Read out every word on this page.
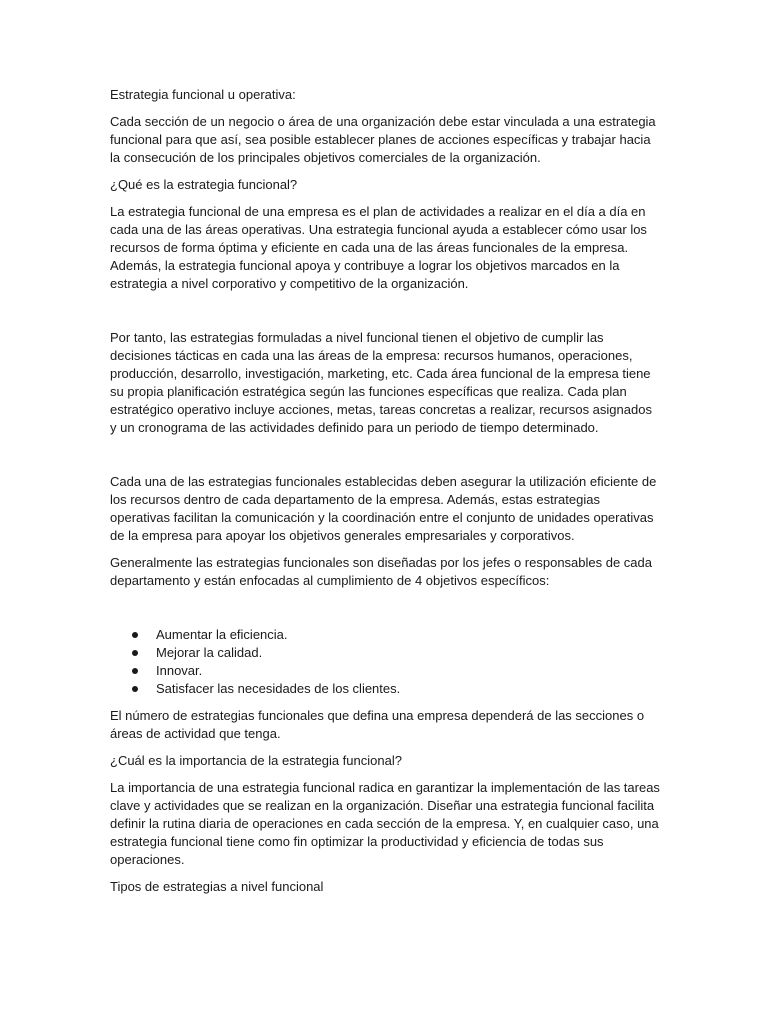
Estrategia funcional u operativa:

Cada sección de un negocio o área de una organización debe estar vinculada a una estrategia funcional para que así, sea posible establecer planes de acciones específicas y trabajar hacia la consecución de los principales objetivos comerciales de la organización.

¿Qué es la estrategia funcional?

La estrategia funcional de una empresa es el plan de actividades a realizar en el día a día en cada una de las áreas operativas. Una estrategia funcional ayuda a establecer cómo usar los recursos de forma óptima y eficiente en cada una de las áreas funcionales de la empresa. Además, la estrategia funcional apoya y contribuye a lograr los objetivos marcados en la estrategia a nivel corporativo y competitivo de la organización.

Por tanto, las estrategias formuladas a nivel funcional tienen el objetivo de cumplir las decisiones tácticas en cada una las áreas de la empresa: recursos humanos, operaciones, producción, desarrollo, investigación, marketing, etc. Cada área funcional de la empresa tiene su propia planificación estratégica según las funciones específicas que realiza. Cada plan estratégico operativo incluye acciones, metas, tareas concretas a realizar, recursos asignados y un cronograma de las actividades definido para un periodo de tiempo determinado.

Cada una de las estrategias funcionales establecidas deben asegurar la utilización eficiente de los recursos dentro de cada departamento de la empresa. Además, estas estrategias operativas facilitan la comunicación y la coordinación entre el conjunto de unidades operativas de la empresa para apoyar los objetivos generales empresariales y corporativos.

Generalmente las estrategias funcionales son diseñadas por los jefes o responsables de cada departamento y están enfocadas al cumplimiento de 4 objetivos específicos:

Aumentar la eficiencia.
Mejorar la calidad.
Innovar.
Satisfacer las necesidades de los clientes.

El número de estrategias funcionales que defina una empresa dependerá de las secciones o áreas de actividad que tenga.

¿Cuál es la importancia de la estrategia funcional?

La importancia de una estrategia funcional radica en garantizar la implementación de las tareas clave y actividades que se realizan en la organización. Diseñar una estrategia funcional facilita definir la rutina diaria de operaciones en cada sección de la empresa. Y, en cualquier caso, una estrategia funcional tiene como fin optimizar la productividad y eficiencia de todas sus operaciones.

Tipos de estrategias a nivel funcional
